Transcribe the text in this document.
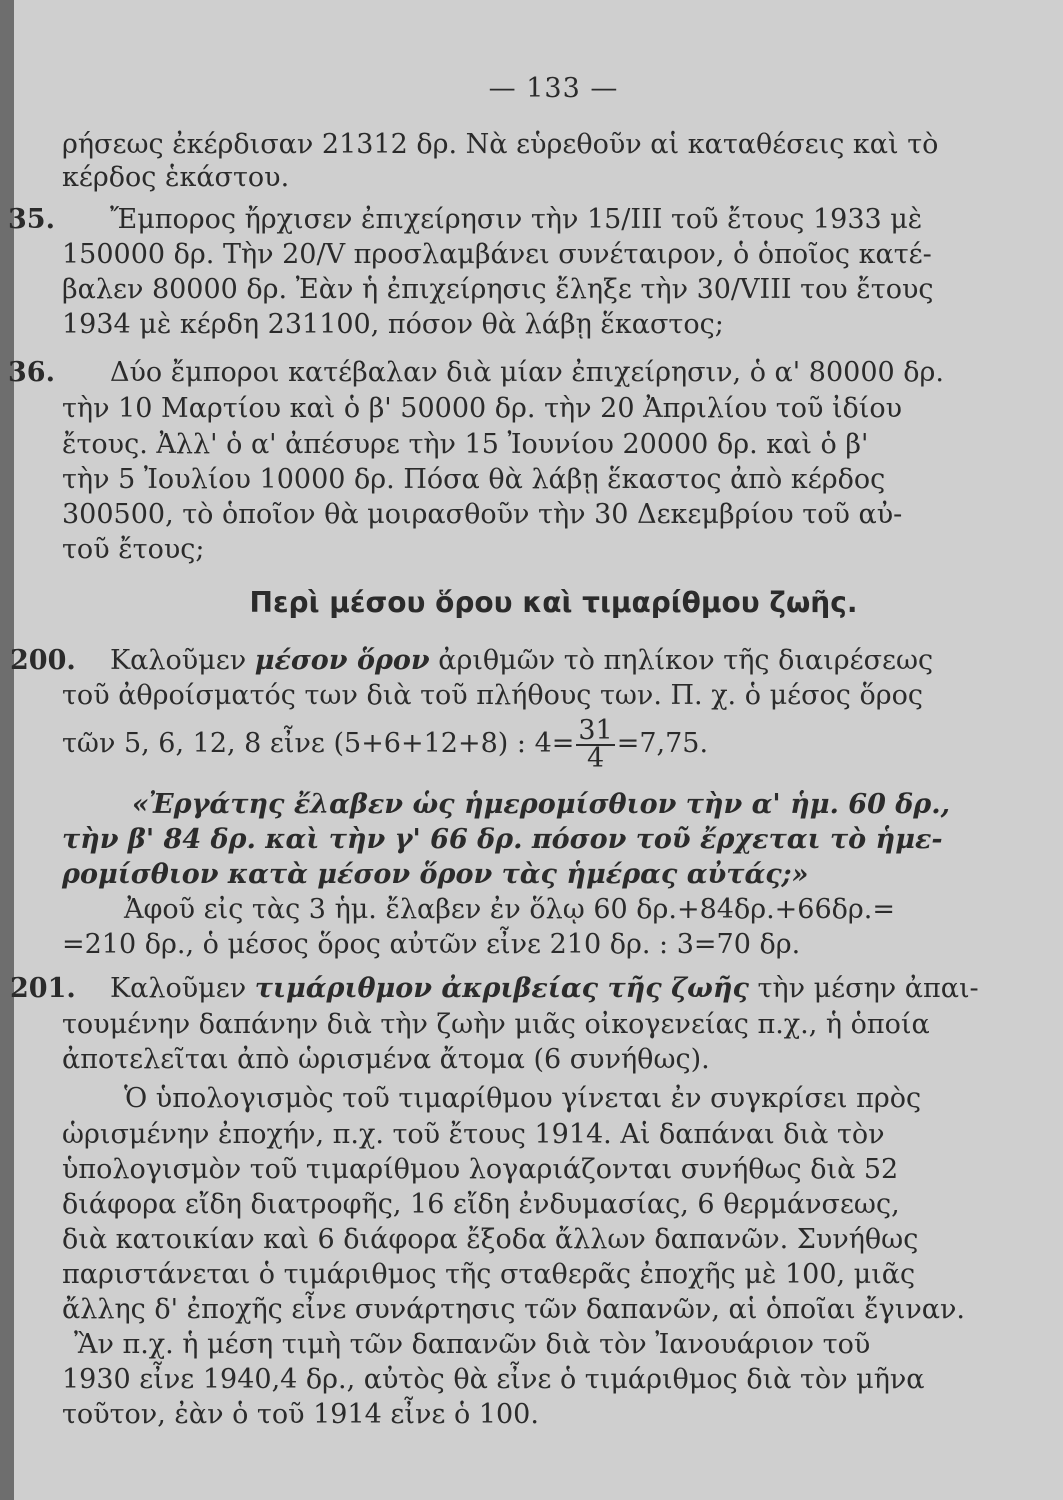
— 133 —
ρήσεως ἐκέρδισαν 21312 δρ. Νὰ εὑρεθοῦν αἱ καταθέσεις καὶ τὸ
κέρδος ἑκάστου.
35. Ἔμπορος ἤρχισεν ἐπιχείρησιν τὴν 15/III τοῦ ἔτους 1933 μὲ
150000 δρ. Τὴν 20/V προσλαμβάνει συνέταιρον, ὁ ὁποῖος κατέ-
βαλεν 80000 δρ. Ἐὰν ἡ ἐπιχείρησις ἔληξε τὴν 30/VIII του ἔτους
1934 μὲ κέρδη 231100, πόσον θὰ λάβῃ ἕκαστος;
36. Δύο ἔμποροι κατέβαλαν διὰ μίαν ἐπιχείρησιν, ὁ α' 80000 δρ.
τὴν 10 Μαρτίου καὶ ὁ β' 50000 δρ. τὴν 20 Ἀπριλίου τοῦ ἰδίου
ἔτους. Ἀλλ' ὁ α' ἀπέσυρε τὴν 15 Ἰουνίου 20000 δρ. καὶ ὁ β'
τὴν 5 Ἰουλίου 10000 δρ. Πόσα θὰ λάβῃ ἕκαστος ἀπὸ κέρδος
300500, τὸ ὁποῖον θὰ μοιρασθοῦν τὴν 30 Δεκεμβρίου τοῦ αὐ-
τοῦ ἔτους;
Περὶ μέσου ὅρου καὶ τιμαρίθμου ζωῆς.
200. Καλοῦμεν μέσον ὅρον ἀριθμῶν τὸ πηλίκον τῆς διαιρέσεως
τοῦ ἀθροίσματός των διὰ τοῦ πλήθους των. Π. χ. ὁ μέσος ὅρος
τῶν 5, 6, 12, 8 εἶνε (5+6+12+8) : $4= \frac{31}{4} =7,75$.
«Ἐργάτης ἔλαβεν ὡς ἡμερομίσθιον τὴν α' ἡμ. 60 δρ.,
τὴν β' 84 δρ. καὶ τὴν γ' 66 δρ. πόσον τοῦ ἔρχεται τὸ ἡμε-
ρομίσθιον κατὰ μέσον ὅρον τὰς ἡμέρας αὐτάς;»
Ἀφοῦ εἰς τὰς 3 ἡμ. ἔλαβεν ἐν ὅλῳ 60 δρ.+84δρ.+66δρ.=
=210 δρ., ὁ μέσος ὅρος αὐτῶν εἶνε 210 δρ. : 3=70 δρ.
201. Καλοῦμεν τιμάριθμον ἀκριβείας τῆς ζωῆς τὴν μέσην ἀπαι-
τουμένην δαπάνην διὰ τὴν ζωὴν μιᾶς οἰκογενείας π.χ., ἡ ὁποία
ἀποτελεῖται ἀπὸ ὡρισμένα ἄτομα (6 συνήθως).
Ὁ ὑπολογισμὸς τοῦ τιμαρίθμου γίνεται ἐν συγκρίσει πρὸς
ὡρισμένην ἐποχήν, π.χ. τοῦ ἔτους 1914. Αἱ δαπάναι διὰ τὸν
ὑπολογισμὸν τοῦ τιμαρίθμου λογαριάζονται συνήθως διὰ 52
διάφορα εἴδη διατροφῆς, 16 εἴδη ἐνδυμασίας, 6 θερμάνσεως,
διὰ κατοικίαν καὶ 6 διάφορα ἔξοδα ἄλλων δαπανῶν. Συνήθως
παριστάνεται ὁ τιμάριθμος τῆς σταθερᾶς ἐποχῆς μὲ 100, μιᾶς
ἄλλης δ' ἐποχῆς εἶνε συνάρτησις τῶν δαπανῶν, αἱ ὁποῖαι ἔγιναν.
Ἂν π.χ. ἡ μέση τιμὴ τῶν δαπανῶν διὰ τὸν Ἰανουάριον τοῦ
1930 εἶνε 1940,4 δρ., αὐτὸς θὰ εἶνε ὁ τιμάριθμος διὰ τὸν μῆνα
τοῦτον, ἐὰν ὁ τοῦ 1914 εἶνε ὁ 100.
